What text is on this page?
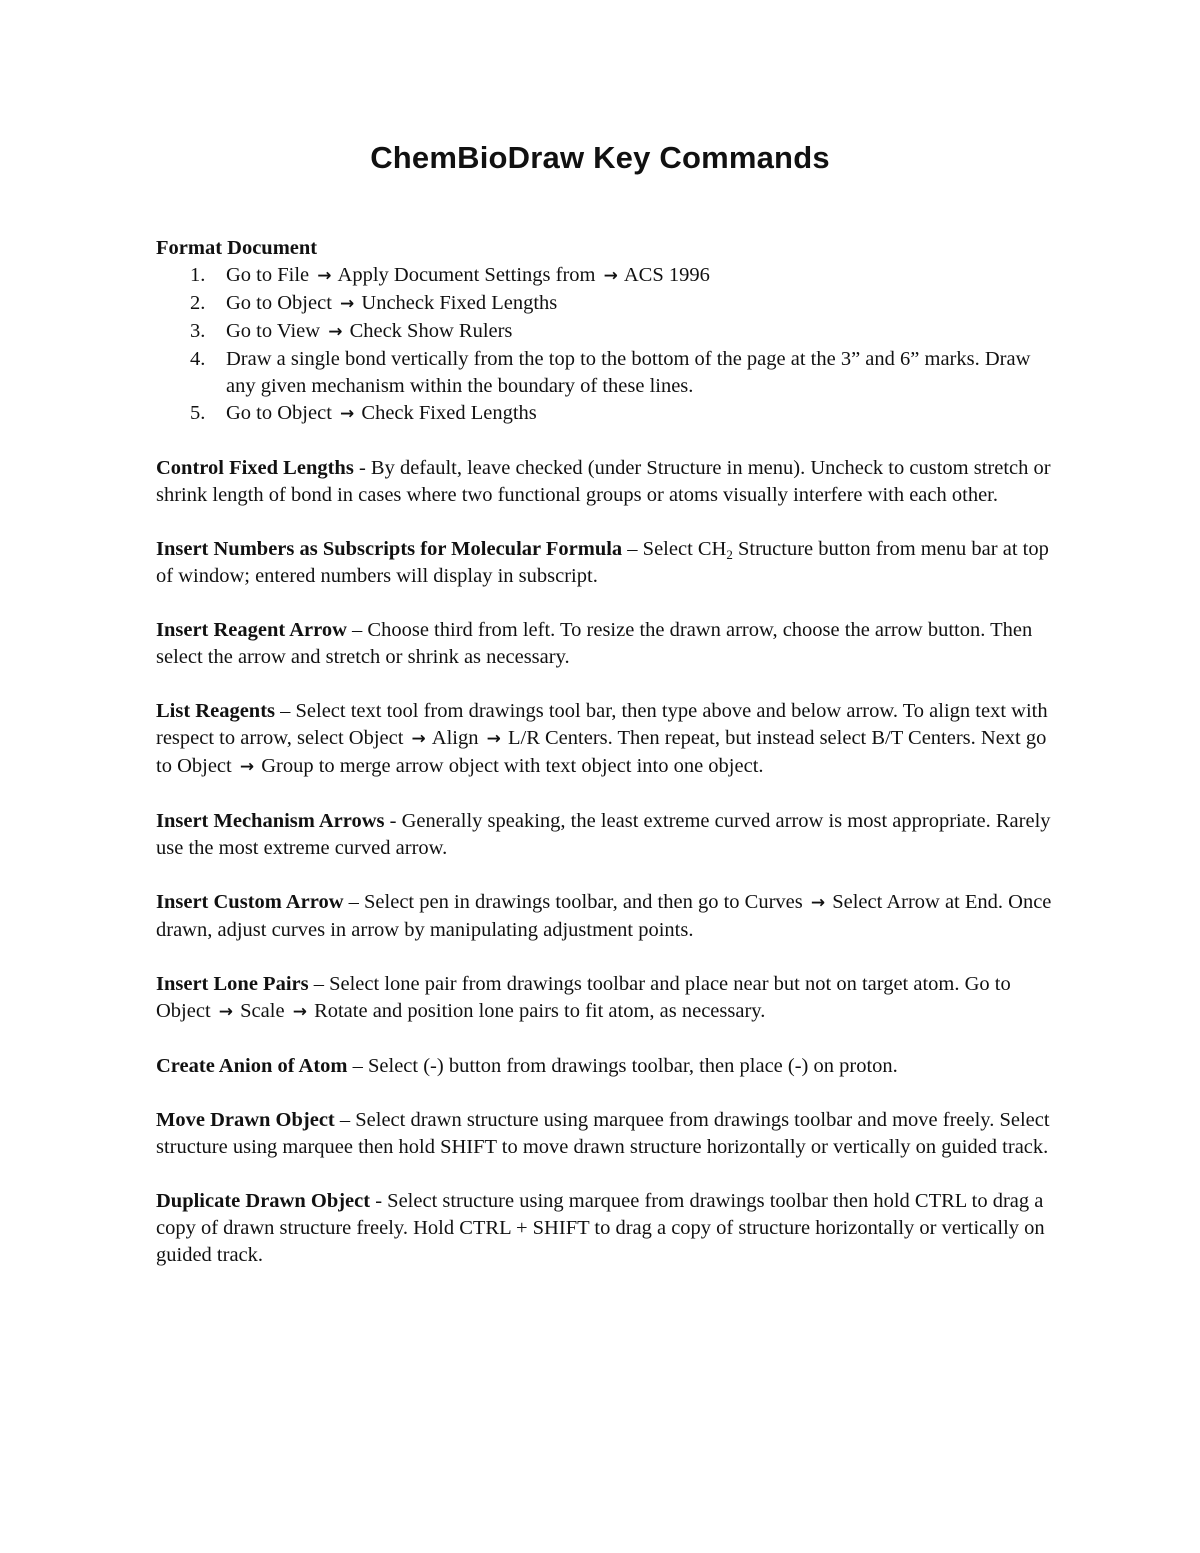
ChemBioDraw Key Commands

Format Document

1. Go to File → Apply Document Settings from → ACS 1996
2. Go to Object → Uncheck Fixed Lengths
3. Go to View → Check Show Rulers
4. Draw a single bond vertically from the top to the bottom of the page at the 3” and 6” marks. Draw any given mechanism within the boundary of these lines.
5. Go to Object → Check Fixed Lengths

Control Fixed Lengths - By default, leave checked (under Structure in menu). Uncheck to custom stretch or shrink length of bond in cases where two functional groups or atoms visually interfere with each other.

Insert Numbers as Subscripts for Molecular Formula – Select $CH_2$ Structure button from menu bar at top of window; entered numbers will display in subscript.

Insert Reagent Arrow – Choose third from left. To resize the drawn arrow, choose the arrow button. Then select the arrow and stretch or shrink as necessary.

List Reagents – Select text tool from drawings tool bar, then type above and below arrow. To align text with respect to arrow, select Object → Align → L/R Centers. Then repeat, but instead select B/T Centers. Next go to Object → Group to merge arrow object with text object into one object.

Insert Mechanism Arrows - Generally speaking, the least extreme curved arrow is most appropriate. Rarely use the most extreme curved arrow.

Insert Custom Arrow – Select pen in drawings toolbar, and then go to Curves → Select Arrow at End. Once drawn, adjust curves in arrow by manipulating adjustment points.

Insert Lone Pairs – Select lone pair from drawings toolbar and place near but not on target atom. Go to Object → Scale → Rotate and position lone pairs to fit atom, as necessary.

Create Anion of Atom – Select (-) button from drawings toolbar, then place (-) on proton.

Move Drawn Object – Select drawn structure using marquee from drawings toolbar and move freely. Select structure using marquee then hold SHIFT to move drawn structure horizontally or vertically on guided track.

Duplicate Drawn Object - Select structure using marquee from drawings toolbar then hold CTRL to drag a copy of drawn structure freely. Hold CTRL + SHIFT to drag a copy of structure horizontally or vertically on guided track.
